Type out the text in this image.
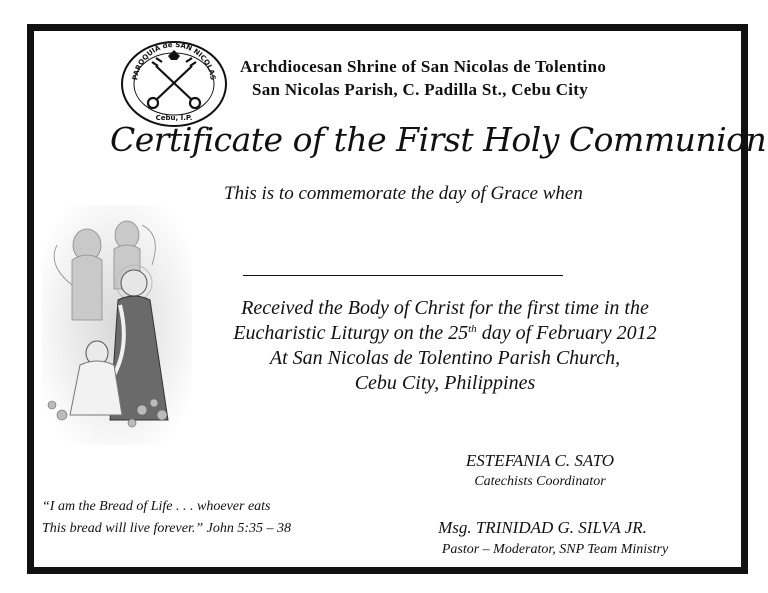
PAROQUIA de SAN NICOLAS
Cebu, I.P.
Archdiocesan Shrine of San Nicolas de Tolentino
San Nicolas Parish, C. Padilla St., Cebu City
Certificate of the First Holy Communion
This is to commemorate the day of Grace when
Received the Body of Christ for the first time in the
Eucharistic Liturgy on the 25th day of February 2012
At San Nicolas de Tolentino Parish Church,
Cebu City, Philippines
ESTEFANIA C. SATO
Catechists Coordinator
Msg. TRINIDAD G. SILVA JR.
Pastor – Moderator, SNP Team Ministry
“I am the Bread of Life . . . whoever eats
This bread will live forever.” John 5:35 – 38
